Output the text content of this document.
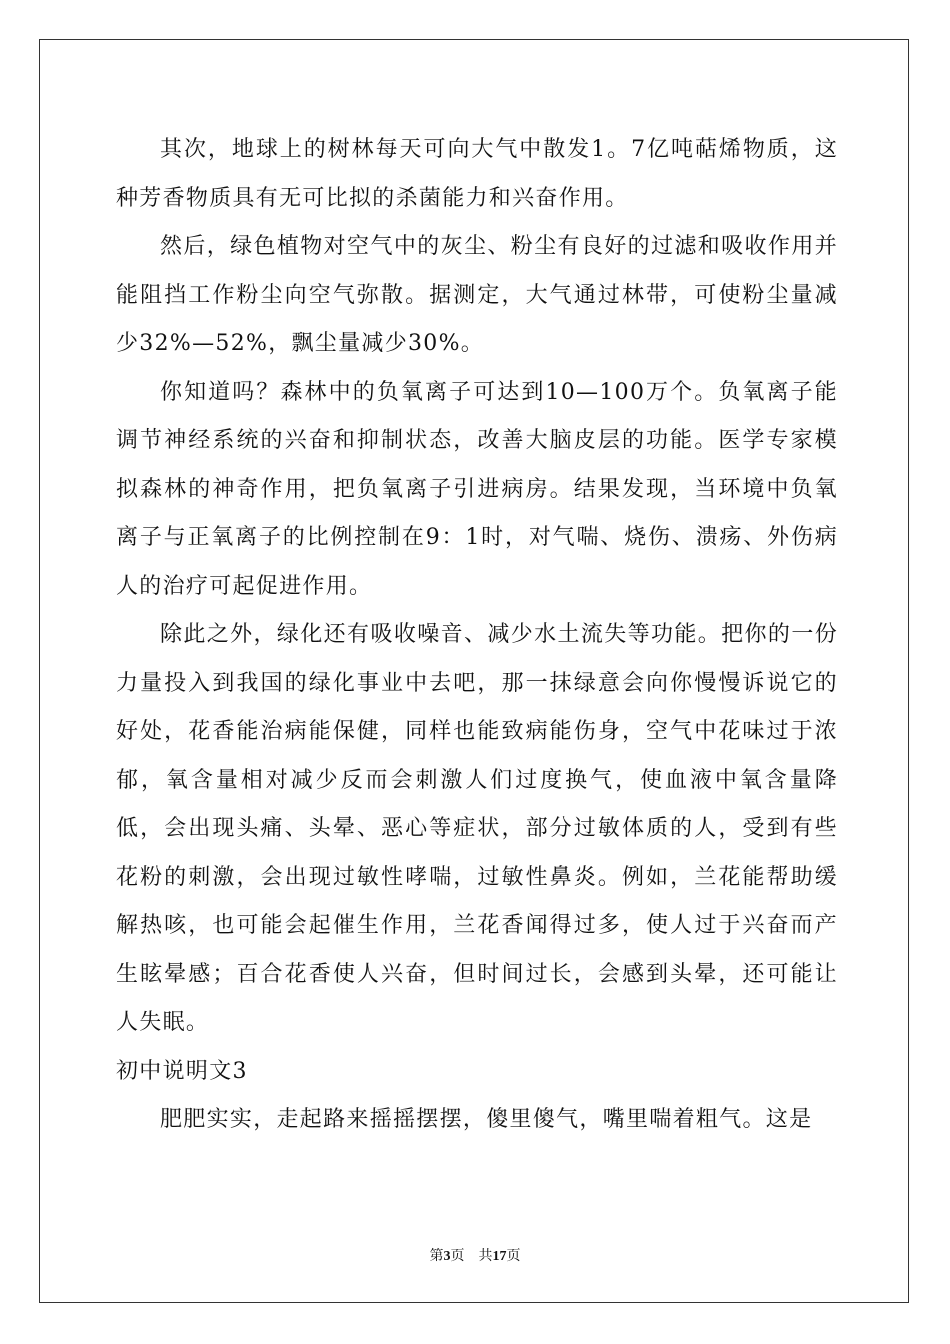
其次，地球上的树林每天可向大气中散发1。7亿吨萜烯物质，这种芳香物质具有无可比拟的杀菌能力和兴奋作用。

然后，绿色植物对空气中的灰尘、粉尘有良好的过滤和吸收作用并能阻挡工作粉尘向空气弥散。据测定，大气通过林带，可使粉尘量减少32%—52%，飘尘量减少30%。

你知道吗？森林中的负氧离子可达到10—100万个。负氧离子能调节神经系统的兴奋和抑制状态，改善大脑皮层的功能。医学专家模拟森林的神奇作用，把负氧离子引进病房。结果发现，当环境中负氧离子与正氧离子的比例控制在9：1时，对气喘、烧伤、溃疡、外伤病人的治疗可起促进作用。

除此之外，绿化还有吸收噪音、减少水土流失等功能。把你的一份力量投入到我国的绿化事业中去吧，那一抹绿意会向你慢慢诉说它的好处，花香能治病能保健，同样也能致病能伤身，空气中花味过于浓郁，氧含量相对减少反而会刺激人们过度换气，使血液中氧含量降低，会出现头痛、头晕、恶心等症状，部分过敏体质的人，受到有些花粉的刺激，会出现过敏性哮喘，过敏性鼻炎。例如，兰花能帮助缓解热咳，也可能会起催生作用，兰花香闻得过多，使人过于兴奋而产生眩晕感；百合花香使人兴奋，但时间过长，会感到头晕，还可能让人失眠。

初中说明文3

肥肥实实，走起路来摇摇摆摆，傻里傻气，嘴里喘着粗气。这是

第3页    共17页
